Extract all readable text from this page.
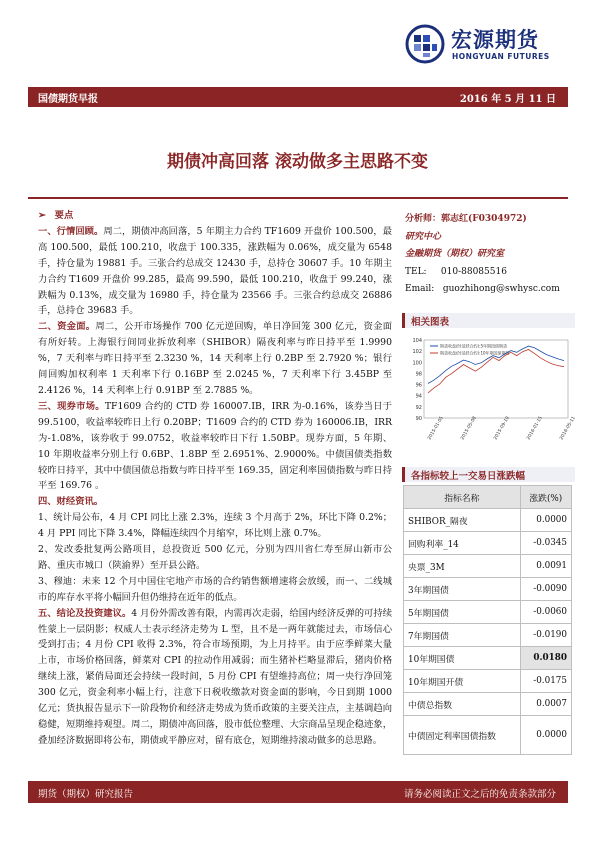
宏源期货
HONGYUAN FUTURES
国债期货早报	2016 年 5 月 11 日
期债冲高回落 滚动做多主思路不变

➢ 要点

一、行情回顾。周二，期债冲高回落，5 年期主力合约 TF1609 开盘价 100.500，最高 100.500，最低 100.210，收盘于 100.335，涨跌幅为 0.06%，成交量为 6548 手，持仓量为 19881 手。三张合约总成交 12430 手，总持仓 30607 手。10 年期主力合约 T1609 开盘价 99.285，最高 99.590，最低 100.210，收盘于 99.240，涨跌幅为 0.13%，成交量为 16980 手，持仓量为 23566 手。三张合约总成交 26886 手，总持仓 39683 手。

二、资金面。周二，公开市场操作 700 亿元逆回购，单日净回笼 300 亿元，资金面有所好转。上海银行间同业拆放利率（SHIBOR）隔夜利率与昨日持平至 1.9990 %，7 天利率与昨日持平至 2.3230 %，14 天利率上行 0.2BP 至 2.7920 %；银行间回购加权利率 1 天利率下行 0.16BP 至 2.0245 %，7 天利率下行 3.45BP 至 2.4126 %，14 天利率上行 0.91BP 至 2.7885 %。

三、现券市场。TF1609 合约的 CTD 券 160007.IB，IRR 为-0.16%，该券当日于 99.5100，收益率较昨日上行 0.20BP；T1609 合约的 CTD 券为 160006.IB，IRR 为-1.08%，该券收于 99.0752，收益率较昨日下行 1.50BP。现券方面，5 年期、10 年期收益率分别上行 0.6BP、1.8BP 至 2.6951%、2.9000%。中债国债类指数较昨日持平，其中中债国债总指数与昨日持平至 169.35，固定利率国债指数与昨日持平至 169.76 。

四、财经资讯。

1、统计局公布，4 月 CPI 同比上涨 2.3%，连续 3 个月高于 2%，环比下降 0.2%；4 月 PPI 同比下降 3.4%，降幅连续四个月缩窄，环比则上涨 0.7%。

2、发改委批复两公路项目，总投资近 500 亿元，分别为四川省仁寿至屏山新市公路、重庆市城口（陕渝界）至开县公路。

3、穆迪：未来 12 个月中国住宅地产市场的合约销售额增速将会放缓，而一、二线城市的库存水平将小幅回升但仍维持在近年的低点。

五、结论及投资建议。4 月份外需改善有限，内需再次走弱，给国内经济反弹的可持续性蒙上一层阴影；权威人士表示经济走势为 L 型，且不是一两年就能过去，市场信心受到打击；4 月份 CPI 收得 2.3%，符合市场预期，为上月持平。由于应季鲜菜大量上市，市场价格回落，鲜菜对 CPI 的拉动作用减弱；而生猪补栏略显滞后，猪肉价格继续上涨，紧俏局面还会持续一段时间，5 月份 CPI 有望维持高位；周一央行净回笼 300 亿元，资金利率小幅上行，注意下日税收缴款对资金面的影响，今日到期 1000 亿元；货执报告显示下一阶段物价和经济走势成为货币政策的主要关注点，主基调趋向稳健，短期维持观望。周二，期债冲高回落，股市低位整理、大宗商品呈现企稳迹象，叠加经济数据即将公布，期债或平静应对，留有底仓，短期维持滚动做多的总思路。

分析师：郭志红(F0304972)
研究中心
金融期货（期权）研究室
TEL: 010-88085516
Email: guozhihong@swhysc.com
相关图表
104
102
100
98
96
94
92
90 2015-01-05	2015-05-08	2015-09-10	2016-01-15	2016-05-11
期货收盘价(活跃合约):5年期国债期货
期货收盘价(活跃合约):10年期国债期货
各指标较上一交易日涨跌幅
指标名称	涨跌(%)
SHIBOR_隔夜	0.0000
回购利率_14	-0.0345
央票_3M	0.0091
3年期国债	-0.0090
5年期国债	-0.0060
7年期国债	-0.0190
10年期国债	0.0180
10年期国开债	-0.0175
中债总指数	0.0007
中债固定利率国债指数	0.0000
期货（期权）研究报告	请务必阅读正文之后的免责条款部分
